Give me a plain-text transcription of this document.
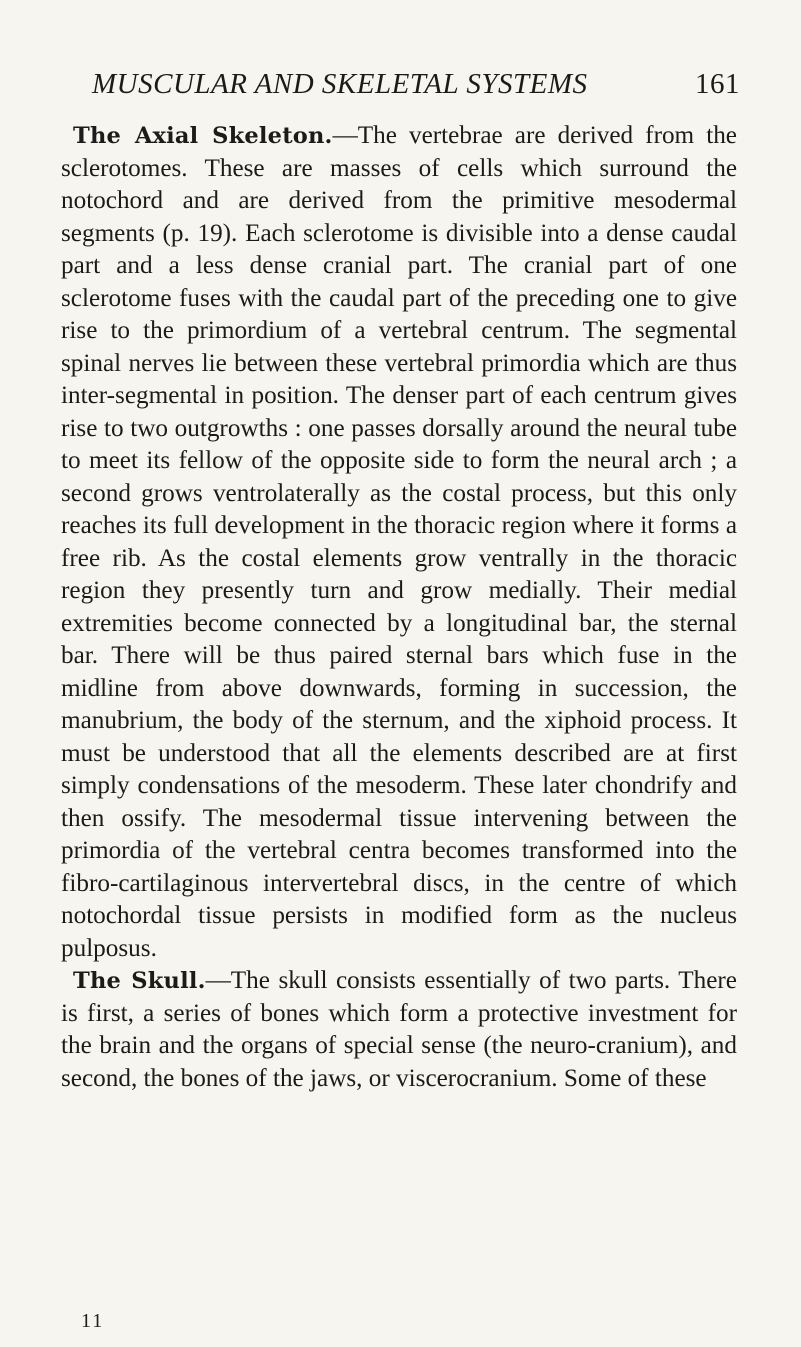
MUSCULAR AND SKELETAL SYSTEMS	161

The Axial Skeleton.—The vertebrae are derived from the sclerotomes. These are masses of cells which surround the notochord and are derived from the primitive mesodermal segments (p. 19). Each sclerotome is divisible into a dense caudal part and a less dense cranial part. The cranial part of one sclerotome fuses with the caudal part of the preceding one to give rise to the primordium of a vertebral centrum. The segmental spinal nerves lie between these vertebral primordia which are thus inter-segmental in position. The denser part of each centrum gives rise to two outgrowths : one passes dorsally around the neural tube to meet its fellow of the opposite side to form the neural arch ; a second grows ventrolaterally as the costal process, but this only reaches its full development in the thoracic region where it forms a free rib. As the costal elements grow ventrally in the thoracic region they presently turn and grow medially. Their medial extremities become connected by a longitudinal bar, the sternal bar. There will be thus paired sternal bars which fuse in the midline from above downwards, forming in succession, the manubrium, the body of the sternum, and the xiphoid process. It must be understood that all the elements described are at first simply condensations of the mesoderm. These later chondrify and then ossify. The mesodermal tissue intervening between the primordia of the vertebral centra becomes transformed into the fibro-cartilaginous intervertebral discs, in the centre of which notochordal tissue persists in modified form as the nucleus pulposus.

The Skull.—The skull consists essentially of two parts. There is first, a series of bones which form a protective investment for the brain and the organs of special sense (the neuro-cranium), and second, the bones of the jaws, or viscerocranium. Some of these

11
